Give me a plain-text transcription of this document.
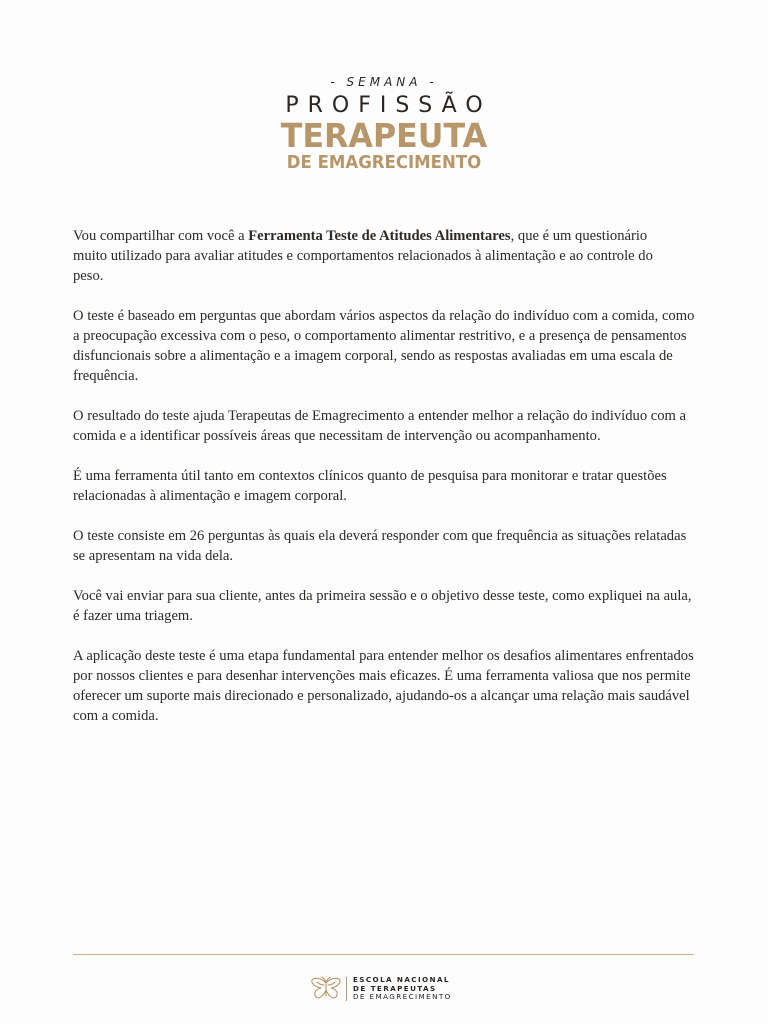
- SEMANA -
PROFISSÃO
TERAPEUTA
DE EMAGRECIMENTO

Vou compartilhar com você a Ferramenta Teste de Atitudes Alimentares, que é um questionário muito utilizado para avaliar atitudes e comportamentos relacionados à alimentação e ao controle do peso.

O teste é baseado em perguntas que abordam vários aspectos da relação do indivíduo com a comida, como a preocupação excessiva com o peso, o comportamento alimentar restritivo, e a presença de pensamentos disfuncionais sobre a alimentação e a imagem corporal, sendo as respostas avaliadas em uma escala de frequência.

O resultado do teste ajuda Terapeutas de Emagrecimento a entender melhor a relação do indivíduo com a comida e a identificar possíveis áreas que necessitam de intervenção ou acompanhamento.

É uma ferramenta útil tanto em contextos clínicos quanto de pesquisa para monitorar e tratar questões relacionadas à alimentação e imagem corporal.

O teste consiste em 26 perguntas às quais ela deverá responder com que frequência as situações relatadas se apresentam na vida dela.

Você vai enviar para sua cliente, antes da primeira sessão e o objetivo desse teste, como expliquei na aula, é fazer uma triagem.

A aplicação deste teste é uma etapa fundamental para entender melhor os desafios alimentares enfrentados por nossos clientes e para desenhar intervenções mais eficazes. É uma ferramenta valiosa que nos permite oferecer um suporte mais direcionado e personalizado, ajudando-os a alcançar uma relação mais saudável com a comida.

ESCOLA NACIONAL
DE TERAPEUTAS
DE EMAGRECIMENTO
